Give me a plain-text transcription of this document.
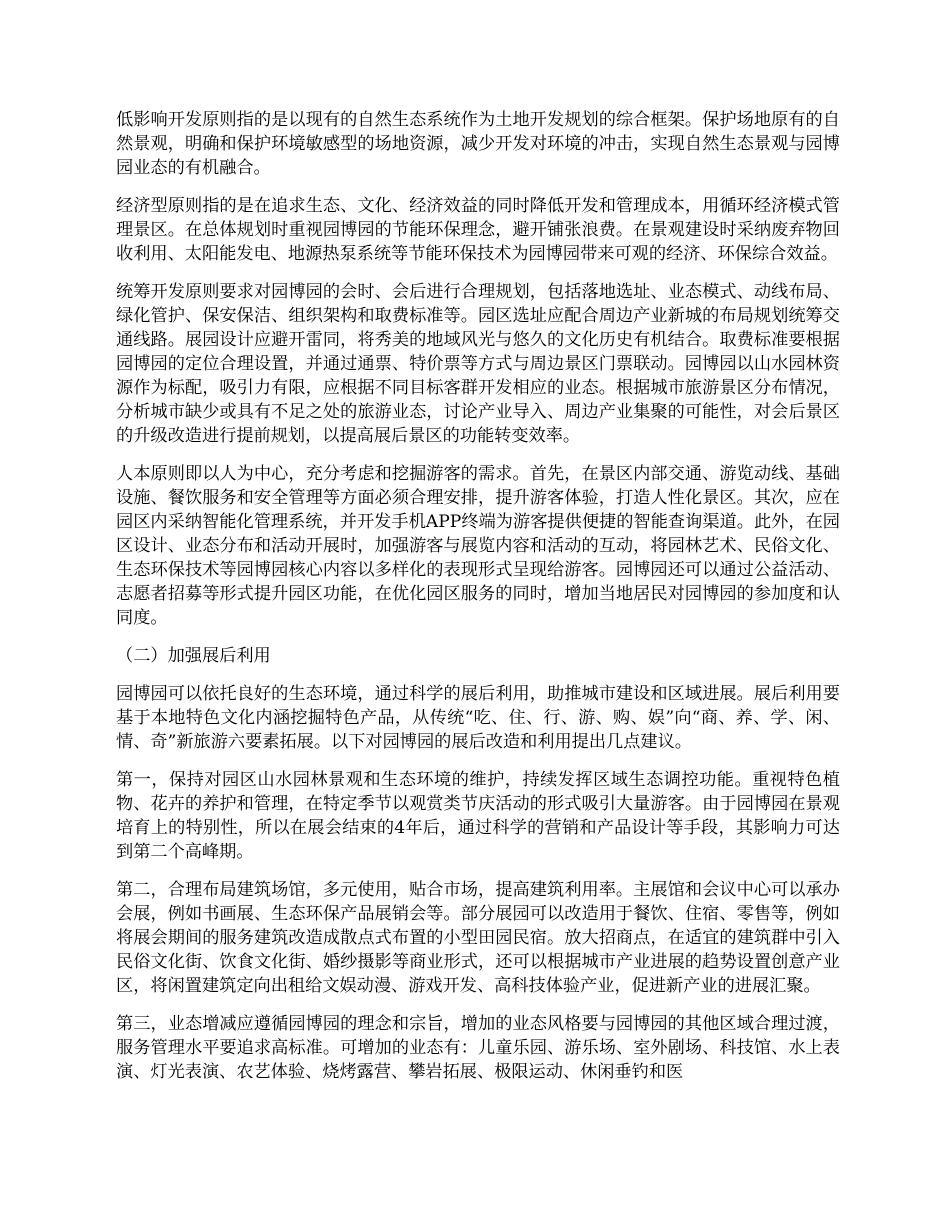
低影响开发原则指的是以现有的自然生态系统作为土地开发规划的综合框架。保护场地原有的自然景观，明确和保护环境敏感型的场地资源，减少开发对环境的冲击，实现自然生态景观与园博园业态的有机融合。

经济型原则指的是在追求生态、文化、经济效益的同时降低开发和管理成本，用循环经济模式管理景区。在总体规划时重视园博园的节能环保理念，避开铺张浪费。在景观建设时采纳废弃物回收利用、太阳能发电、地源热泵系统等节能环保技术为园博园带来可观的经济、环保综合效益。

统筹开发原则要求对园博园的会时、会后进行合理规划，包括落地选址、业态模式、动线布局、绿化管护、保安保洁、组织架构和取费标准等。园区选址应配合周边产业新城的布局规划统筹交通线路。展园设计应避开雷同，将秀美的地域风光与悠久的文化历史有机结合。取费标准要根据园博园的定位合理设置，并通过通票、特价票等方式与周边景区门票联动。园博园以山水园林资源作为标配，吸引力有限，应根据不同目标客群开发相应的业态。根据城市旅游景区分布情况，分析城市缺少或具有不足之处的旅游业态，讨论产业导入、周边产业集聚的可能性，对会后景区的升级改造进行提前规划，以提高展后景区的功能转变效率。

人本原则即以人为中心，充分考虑和挖掘游客的需求。首先，在景区内部交通、游览动线、基础设施、餐饮服务和安全管理等方面必须合理安排，提升游客体验，打造人性化景区。其次，应在园区内采纳智能化管理系统，并开发手机APP终端为游客提供便捷的智能查询渠道。此外，在园区设计、业态分布和活动开展时，加强游客与展览内容和活动的互动，将园林艺术、民俗文化、生态环保技术等园博园核心内容以多样化的表现形式呈现给游客。园博园还可以通过公益活动、志愿者招募等形式提升园区功能，在优化园区服务的同时，增加当地居民对园博园的参加度和认同度。

（二）加强展后利用

园博园可以依托良好的生态环境，通过科学的展后利用，助推城市建设和区域进展。展后利用要基于本地特色文化内涵挖掘特色产品，从传统“吃、住、行、游、购、娱”向“商、养、学、闲、情、奇”新旅游六要素拓展。以下对园博园的展后改造和利用提出几点建议。

第一，保持对园区山水园林景观和生态环境的维护，持续发挥区域生态调控功能。重视特色植物、花卉的养护和管理，在特定季节以观赏类节庆活动的形式吸引大量游客。由于园博园在景观培育上的特别性，所以在展会结束的4年后，通过科学的营销和产品设计等手段，其影响力可达到第二个高峰期。

第二，合理布局建筑场馆，多元使用，贴合市场，提高建筑利用率。主展馆和会议中心可以承办会展，例如书画展、生态环保产品展销会等。部分展园可以改造用于餐饮、住宿、零售等，例如将展会期间的服务建筑改造成散点式布置的小型田园民宿。放大招商点，在适宜的建筑群中引入民俗文化街、饮食文化街、婚纱摄影等商业形式，还可以根据城市产业进展的趋势设置创意产业区，将闲置建筑定向出租给文娱动漫、游戏开发、高科技体验产业，促进新产业的进展汇聚。

第三，业态增减应遵循园博园的理念和宗旨，增加的业态风格要与园博园的其他区域合理过渡，服务管理水平要追求高标准。可增加的业态有：儿童乐园、游乐场、室外剧场、科技馆、水上表演、灯光表演、农艺体验、烧烤露营、攀岩拓展、极限运动、休闲垂钓和医
